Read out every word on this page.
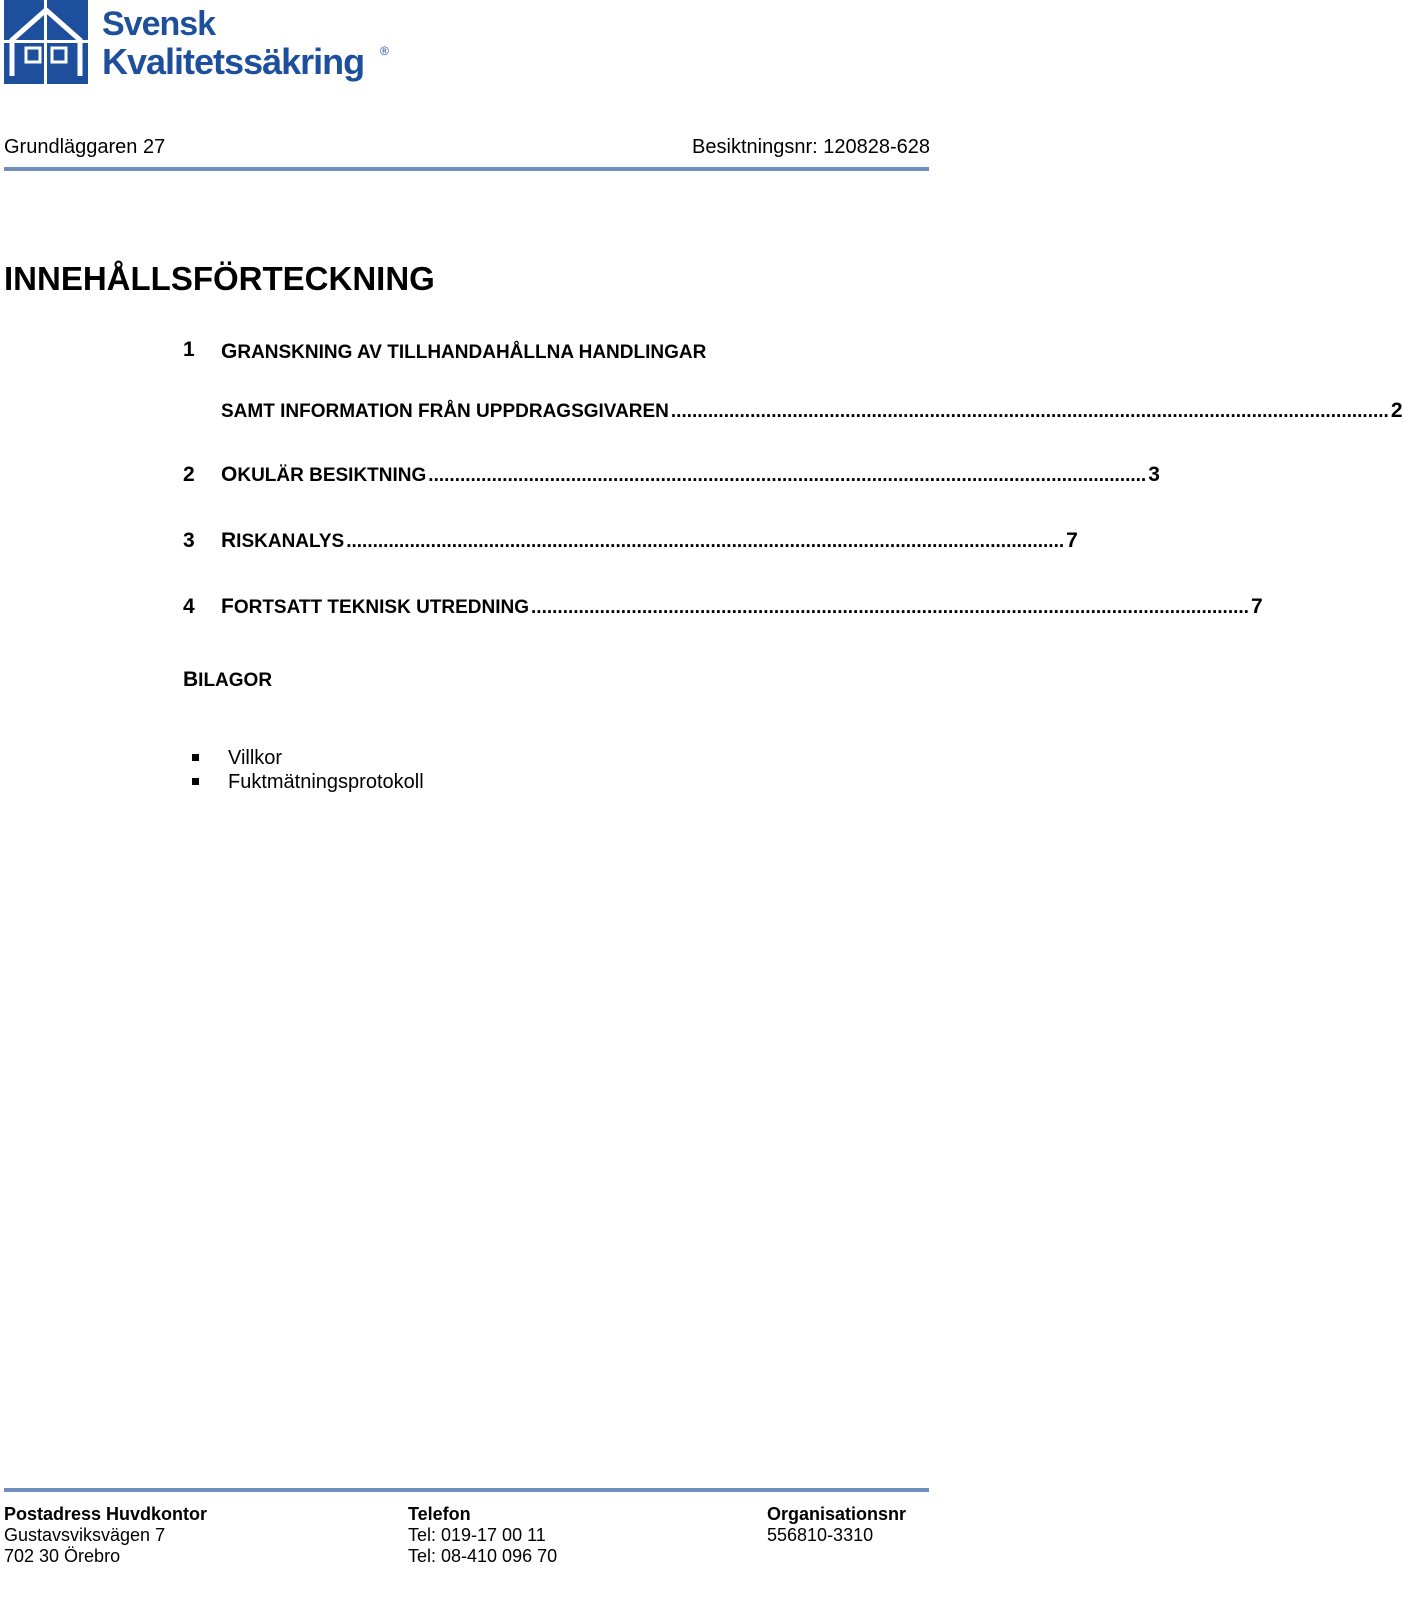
Svensk
Kvalitetssäkring ®
Grundläggaren 27	Besiktningsnr: 120828-628
INNEHÅLLSFÖRTECKNING
1 GRANSKNING AV TILLHANDAHÅLLNA HANDLINGAR
SAMT INFORMATION FRÅN UPPDRAGSGIVAREN ........................................................................................................................................ 2
2 OKULÄR BESIKTNING ........................................................................................................................................ 3
3 RISKANALYS ........................................................................................................................................ 7
4 FORTSATT TEKNISK UTREDNING ........................................................................................................................................ 7
BILAGOR
Villkor
Fuktmätningsprotokoll
Postadress Huvdkontor
Gustavsviksvägen 7
702 30 Örebro
Telefon
Tel: 019-17 00 11
Tel: 08-410 096 70
Organisationsnr
556810-3310
